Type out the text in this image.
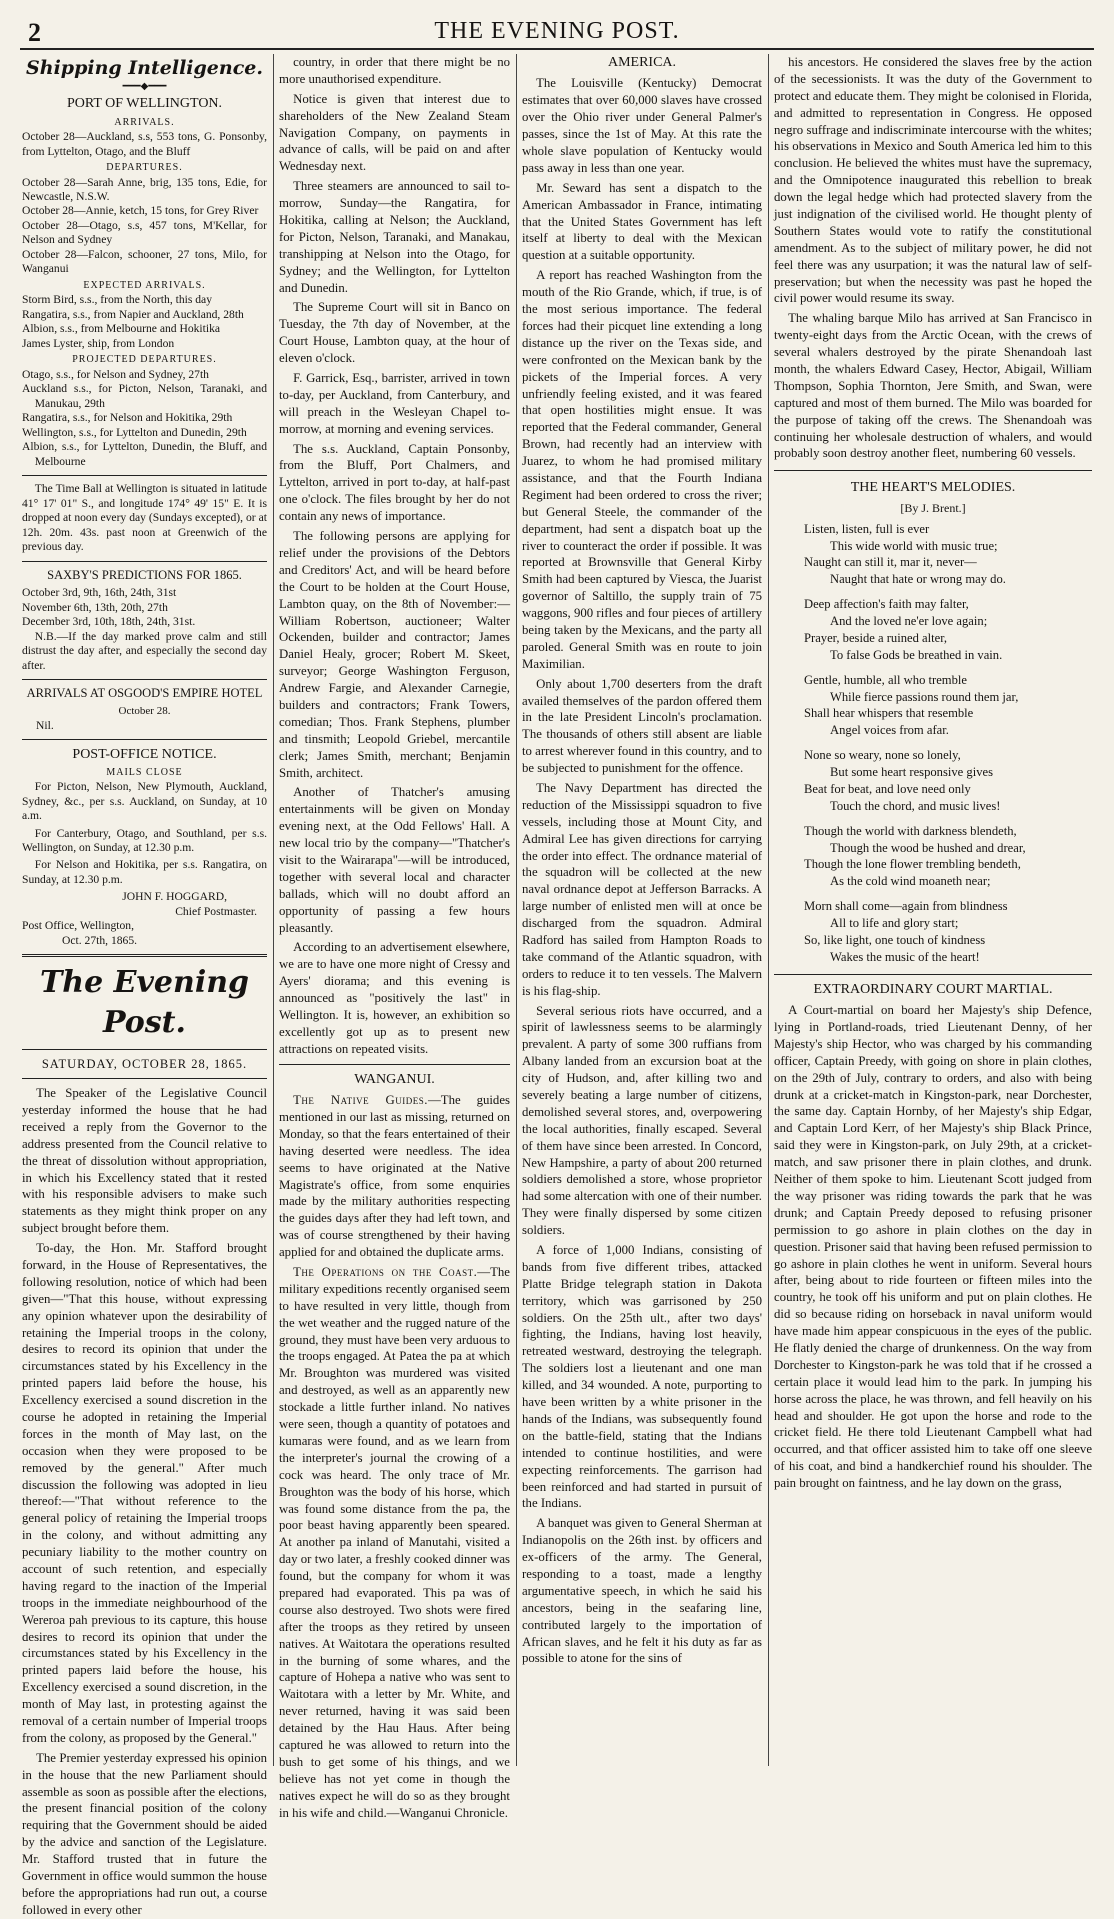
2	THE EVENING POST.
Shipping Intelligence.
━━━◆━━━
PORT OF WELLINGTON.
ARRIVALS.

October 28—Auckland, s.s, 553 tons, G. Ponsonby, from Lyttelton, Otago, and the Bluff

DEPARTURES.

October 28—Sarah Anne, brig, 135 tons, Edie, for Newcastle, N.S.W.

October 28—Annie, ketch, 15 tons, for Grey River

October 28—Otago, s.s, 457 tons, M'Kellar, for Nelson and Sydney

October 28—Falcon, schooner, 27 tons, Milo, for Wanganui

EXPECTED ARRIVALS.

Storm Bird, s.s., from the North, this day

Rangatira, s.s., from Napier and Auckland, 28th

Albion, s.s., from Melbourne and Hokitika

James Lyster, ship, from London

PROJECTED DEPARTURES.

Otago, s.s., for Nelson and Sydney, 27th

Auckland s.s., for Picton, Nelson, Taranaki, and Manukau, 29th

Rangatira, s.s., for Nelson and Hokitika, 29th

Wellington, s.s., for Lyttelton and Dunedin, 29th

Albion, s.s., for Lyttelton, Dunedin, the Bluff, and Melbourne

The Time Ball at Wellington is situated in latitude 41° 17' 01" S., and longitude 174° 49' 15" E. It is dropped at noon every day (Sundays excepted), or at 12h. 20m. 43s. past noon at Greenwich of the previous day.

SAXBY'S PREDICTIONS FOR 1865.

October 3rd, 9th, 16th, 24th, 31st

November 6th, 13th, 20th, 27th

December 3rd, 10th, 18th, 24th, 31st.

N.B.—If the day marked prove calm and still distrust the day after, and especially the second day after.

ARRIVALS AT OSGOOD'S EMPIRE HOTEL
October 28.

Nil.

POST-OFFICE NOTICE.
MAILS CLOSE

For Picton, Nelson, New Plymouth, Auckland, Sydney, &c., per s.s. Auckland, on Sunday, at 10 a.m.

For Canterbury, Otago, and Southland, per s.s. Wellington, on Sunday, at 12.30 p.m.

For Nelson and Hokitika, per s.s. Rangatira, on Sunday, at 12.30 p.m.

JOHN F. HOGGARD,

Chief Postmaster.

Post Office, Wellington,

Oct. 27th, 1865.

The Evening Post.
SATURDAY, OCTOBER 28, 1865.

The Speaker of the Legislative Council yesterday informed the house that he had received a reply from the Governor to the address presented from the Council relative to the threat of dissolution without appropriation, in which his Excellency stated that it rested with his responsible advisers to make such statements as they might think proper on any subject brought before them.

To-day, the Hon. Mr. Stafford brought forward, in the House of Representatives, the following resolution, notice of which had been given—"That this house, without expressing any opinion whatever upon the desirability of retaining the Imperial troops in the colony, desires to record its opinion that under the circumstances stated by his Excellency in the printed papers laid before the house, his Excellency exercised a sound discretion in the course he adopted in retaining the Imperial forces in the month of May last, on the occasion when they were proposed to be removed by the general." After much discussion the following was adopted in lieu thereof:—"That without reference to the general policy of retaining the Imperial troops in the colony, and without admitting any pecuniary liability to the mother country on account of such retention, and especially having regard to the inaction of the Imperial troops in the immediate neighbourhood of the Wereroa pah previous to its capture, this house desires to record its opinion that under the circumstances stated by his Excellency in the printed papers laid before the house, his Excellency exercised a sound discretion, in the month of May last, in protesting against the removal of a certain number of Imperial troops from the colony, as proposed by the General."

The Premier yesterday expressed his opinion in the house that the new Parliament should assemble as soon as possible after the elections, the present financial position of the colony requiring that the Government should be aided by the advice and sanction of the Legislature. Mr. Stafford trusted that in future the Government in office would summon the house before the appropriations had run out, a course followed in every other

country, in order that there might be no more unauthorised expenditure.

Notice is given that interest due to shareholders of the New Zealand Steam Navigation Company, on payments in advance of calls, will be paid on and after Wednesday next.

Three steamers are announced to sail to-morrow, Sunday—the Rangatira, for Hokitika, calling at Nelson; the Auckland, for Picton, Nelson, Taranaki, and Manakau, transhipping at Nelson into the Otago, for Sydney; and the Wellington, for Lyttelton and Dunedin.

The Supreme Court will sit in Banco on Tuesday, the 7th day of November, at the Court House, Lambton quay, at the hour of eleven o'clock.

F. Garrick, Esq., barrister, arrived in town to-day, per Auckland, from Canterbury, and will preach in the Wesleyan Chapel to-morrow, at morning and evening services.

The s.s. Auckland, Captain Ponsonby, from the Bluff, Port Chalmers, and Lyttelton, arrived in port to-day, at half-past one o'clock. The files brought by her do not contain any news of importance.

The following persons are applying for relief under the provisions of the Debtors and Creditors' Act, and will be heard before the Court to be holden at the Court House, Lambton quay, on the 8th of November:—William Robertson, auctioneer; Walter Ockenden, builder and contractor; James Daniel Healy, grocer; Robert M. Skeet, surveyor; George Washington Ferguson, Andrew Fargie, and Alexander Carnegie, builders and contractors; Frank Towers, comedian; Thos. Frank Stephens, plumber and tinsmith; Leopold Griebel, mercantile clerk; James Smith, merchant; Benjamin Smith, architect.

Another of Thatcher's amusing entertainments will be given on Monday evening next, at the Odd Fellows' Hall. A new local trio by the company—"Thatcher's visit to the Wairarapa"—will be introduced, together with several local and character ballads, which will no doubt afford an opportunity of passing a few hours pleasantly.

According to an advertisement elsewhere, we are to have one more night of Cressy and Ayers' diorama; and this evening is announced as "positively the last" in Wellington. It is, however, an exhibition so excellently got up as to present new attractions on repeated visits.

WANGANUI.

The Native Guides.—The guides mentioned in our last as missing, returned on Monday, so that the fears entertained of their having deserted were needless. The idea seems to have originated at the Native Magistrate's office, from some enquiries made by the military authorities respecting the guides days after they had left town, and was of course strengthened by their having applied for and obtained the duplicate arms.

The Operations on the Coast.—The military expeditions recently organised seem to have resulted in very little, though from the wet weather and the rugged nature of the ground, they must have been very arduous to the troops engaged. At Patea the pa at which Mr. Broughton was murdered was visited and destroyed, as well as an apparently new stockade a little further inland. No natives were seen, though a quantity of potatoes and kumaras were found, and as we learn from the interpreter's journal the crowing of a cock was heard. The only trace of Mr. Broughton was the body of his horse, which was found some distance from the pa, the poor beast having apparently been speared. At another pa inland of Manutahi, visited a day or two later, a freshly cooked dinner was found, but the company for whom it was prepared had evaporated. This pa was of course also destroyed. Two shots were fired after the troops as they retired by unseen natives. At Waitotara the operations resulted in the burning of some whares, and the capture of Hohepa a native who was sent to Waitotara with a letter by Mr. White, and never returned, having it was said been detained by the Hau Haus. After being captured he was allowed to return into the bush to get some of his things, and we believe has not yet come in though the natives expect he will do so as they brought in his wife and child.—Wanganui Chronicle.

AMERICA.

The Louisville (Kentucky) Democrat estimates that over 60,000 slaves have crossed over the Ohio river under General Palmer's passes, since the 1st of May. At this rate the whole slave population of Kentucky would pass away in less than one year.

Mr. Seward has sent a dispatch to the American Ambassador in France, intimating that the United States Government has left itself at liberty to deal with the Mexican question at a suitable opportunity.

A report has reached Washington from the mouth of the Rio Grande, which, if true, is of the most serious importance. The federal forces had their picquet line extending a long distance up the river on the Texas side, and were confronted on the Mexican bank by the pickets of the Imperial forces. A very unfriendly feeling existed, and it was feared that open hostilities might ensue. It was reported that the Federal commander, General Brown, had recently had an interview with Juarez, to whom he had promised military assistance, and that the Fourth Indiana Regiment had been ordered to cross the river; but General Steele, the commander of the department, had sent a dispatch boat up the river to counteract the order if possible. It was reported at Brownsville that General Kirby Smith had been captured by Viesca, the Juarist governor of Saltillo, the supply train of 75 waggons, 900 rifles and four pieces of artillery being taken by the Mexicans, and the party all paroled. General Smith was en route to join Maximilian.

Only about 1,700 deserters from the draft availed themselves of the pardon offered them in the late President Lincoln's proclamation. The thousands of others still absent are liable to arrest wherever found in this country, and to be subjected to punishment for the offence.

The Navy Department has directed the reduction of the Mississippi squadron to five vessels, including those at Mount City, and Admiral Lee has given directions for carrying the order into effect. The ordnance material of the squadron will be collected at the new naval ordnance depot at Jefferson Barracks. A large number of enlisted men will at once be discharged from the squadron. Admiral Radford has sailed from Hampton Roads to take command of the Atlantic squadron, with orders to reduce it to ten vessels. The Malvern is his flag-ship.

Several serious riots have occurred, and a spirit of lawlessness seems to be alarmingly prevalent. A party of some 300 ruffians from Albany landed from an excursion boat at the city of Hudson, and, after killing two and severely beating a large number of citizens, demolished several stores, and, overpowering the local authorities, finally escaped. Several of them have since been arrested. In Concord, New Hampshire, a party of about 200 returned soldiers demolished a store, whose proprietor had some altercation with one of their number. They were finally dispersed by some citizen soldiers.

A force of 1,000 Indians, consisting of bands from five different tribes, attacked Platte Bridge telegraph station in Dakota territory, which was garrisoned by 250 soldiers. On the 25th ult., after two days' fighting, the Indians, having lost heavily, retreated westward, destroying the telegraph. The soldiers lost a lieutenant and one man killed, and 34 wounded. A note, purporting to have been written by a white prisoner in the hands of the Indians, was subsequently found on the battle-field, stating that the Indians intended to continue hostilities, and were expecting reinforcements. The garrison had been reinforced and had started in pursuit of the Indians.

A banquet was given to General Sherman at Indianopolis on the 26th inst. by officers and ex-officers of the army. The General, responding to a toast, made a lengthy argumentative speech, in which he said his ancestors, being in the seafaring line, contributed largely to the importation of African slaves, and he felt it his duty as far as possible to atone for the sins of

his ancestors. He considered the slaves free by the action of the secessionists. It was the duty of the Government to protect and educate them. They might be colonised in Florida, and admitted to representation in Congress. He opposed negro suffrage and indiscriminate intercourse with the whites; his observations in Mexico and South America led him to this conclusion. He believed the whites must have the supremacy, and the Omnipotence inaugurated this rebellion to break down the legal hedge which had protected slavery from the just indignation of the civilised world. He thought plenty of Southern States would vote to ratify the constitutional amendment. As to the subject of military power, he did not feel there was any usurpation; it was the natural law of self-preservation; but when the necessity was past he hoped the civil power would resume its sway.

The whaling barque Milo has arrived at San Francisco in twenty-eight days from the Arctic Ocean, with the crews of several whalers destroyed by the pirate Shenandoah last month, the whalers Edward Casey, Hector, Abigail, William Thompson, Sophia Thornton, Jere Smith, and Swan, were captured and most of them burned. The Milo was boarded for the purpose of taking off the crews. The Shenandoah was continuing her wholesale destruction of whalers, and would probably soon destroy another fleet, numbering 60 vessels.

THE HEART'S MELODIES.
[By J. Brent.]

Listen, listen, full is ever

This wide world with music true;

Naught can still it, mar it, never—

Naught that hate or wrong may do.

Deep affection's faith may falter,

And the loved ne'er love again;

Prayer, beside a ruined alter,

To false Gods be breathed in vain.

Gentle, humble, all who tremble

While fierce passions round them jar,

Shall hear whispers that resemble

Angel voices from afar.

None so weary, none so lonely,

But some heart responsive gives

Beat for beat, and love need only

Touch the chord, and music lives!

Though the world with darkness blendeth,

Though the wood be hushed and drear,

Though the lone flower trembling bendeth,

As the cold wind moaneth near;

Morn shall come—again from blindness

All to life and glory start;

So, like light, one touch of kindness

Wakes the music of the heart!

EXTRAORDINARY COURT MARTIAL.

A Court-martial on board her Majesty's ship Defence, lying in Portland-roads, tried Lieutenant Denny, of her Majesty's ship Hector, who was charged by his commanding officer, Captain Preedy, with going on shore in plain clothes, on the 29th of July, contrary to orders, and also with being drunk at a cricket-match in Kingston-park, near Dorchester, the same day. Captain Hornby, of her Majesty's ship Edgar, and Captain Lord Kerr, of her Majesty's ship Black Prince, said they were in Kingston-park, on July 29th, at a cricket-match, and saw prisoner there in plain clothes, and drunk. Neither of them spoke to him. Lieutenant Scott judged from the way prisoner was riding towards the park that he was drunk; and Captain Preedy deposed to refusing prisoner permission to go ashore in plain clothes on the day in question. Prisoner said that having been refused permission to go ashore in plain clothes he went in uniform. Several hours after, being about to ride fourteen or fifteen miles into the country, he took off his uniform and put on plain clothes. He did so because riding on horseback in naval uniform would have made him appear conspicuous in the eyes of the public. He flatly denied the charge of drunkenness. On the way from Dorchester to Kingston-park he was told that if he crossed a certain place it would lead him to the park. In jumping his horse across the place, he was thrown, and fell heavily on his head and shoulder. He got upon the horse and rode to the cricket field. He there told Lieutenant Campbell what had occurred, and that officer assisted him to take off one sleeve of his coat, and bind a handkerchief round his shoulder. The pain brought on faintness, and he lay down on the grass,
